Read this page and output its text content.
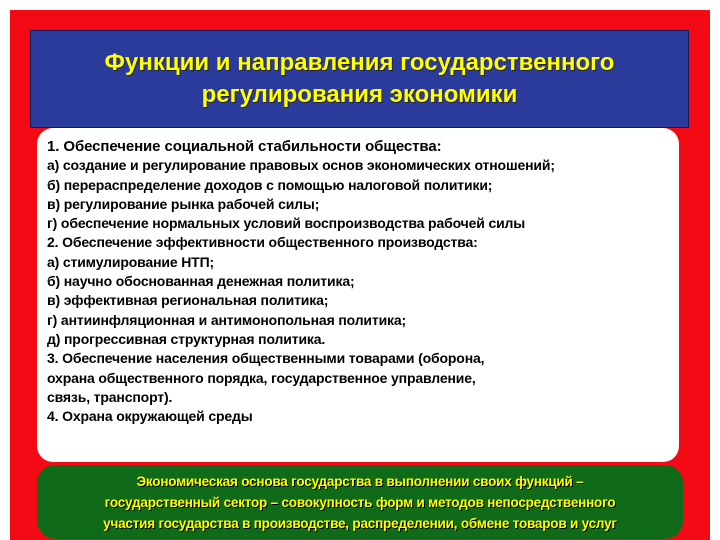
Функции и направления государственного
регулирования экономики
1. Обеспечение социальной стабильности общества:
а) создание и регулирование правовых основ экономических отношений;
б) перераспределение доходов с помощью налоговой политики;
в) регулирование рынка рабочей силы;
г) обеспечение нормальных условий воспроизводства рабочей силы
2. Обеспечение эффективности общественного производства:
а) стимулирование НТП;
б) научно обоснованная денежная политика;
в) эффективная региональная политика;
г) антиинфляционная и антимонопольная политика;
д) прогрессивная структурная политика.
3. Обеспечение населения общественными товарами (оборона,
охрана общественного порядка, государственное управление,
связь, транспорт).
4. Охрана окружающей среды
Экономическая основа государства в выполнении своих функций –
государственный сектор – совокупность форм и методов непосредственного
участия государства в производстве, распределении, обмене товаров и услуг
